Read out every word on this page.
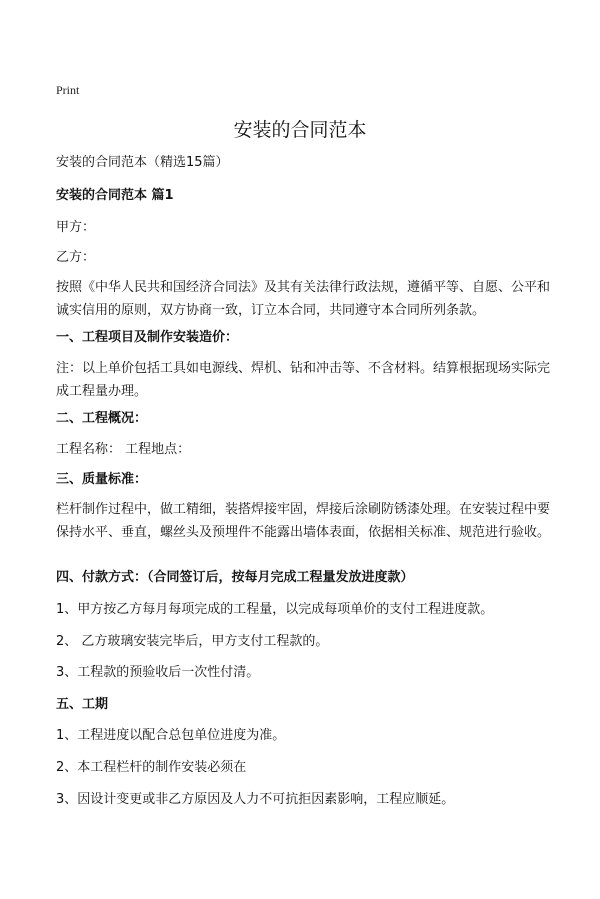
Print
安装的合同范本

安装的合同范本（精选15篇）

安装的合同范本 篇1

甲方：

乙方：

按照《中华人民共和国经济合同法》及其有关法律行政法规，遵循平等、自愿、公平和诚实信用的原则，双方协商一致，订立本合同，共同遵守本合同所列条款。

一、工程项目及制作安装造价：

注：以上单价包括工具如电源线、焊机、钻和冲击等、不含材料。结算根据现场实际完成工程量办理。

二、工程概况：

工程名称： 工程地点：

三、质量标准：

栏杆制作过程中，做工精细，装搭焊接牢固，焊接后涂刷防锈漆处理。在安装过程中要保持水平、垂直，螺丝头及预埋件不能露出墙体表面，依据相关标准、规范进行验收。

四、付款方式：（合同签订后，按每月完成工程量发放进度款）

1、甲方按乙方每月每项完成的工程量，以完成每项单价的支付工程进度款。

2、 乙方玻璃安装完毕后，甲方支付工程款的。

3、工程款的预验收后一次性付清。

五、工期

1、工程进度以配合总包单位进度为准。

2、本工程栏杆的制作安装必须在

3、因设计变更或非乙方原因及人力不可抗拒因素影响，工程应顺延。
